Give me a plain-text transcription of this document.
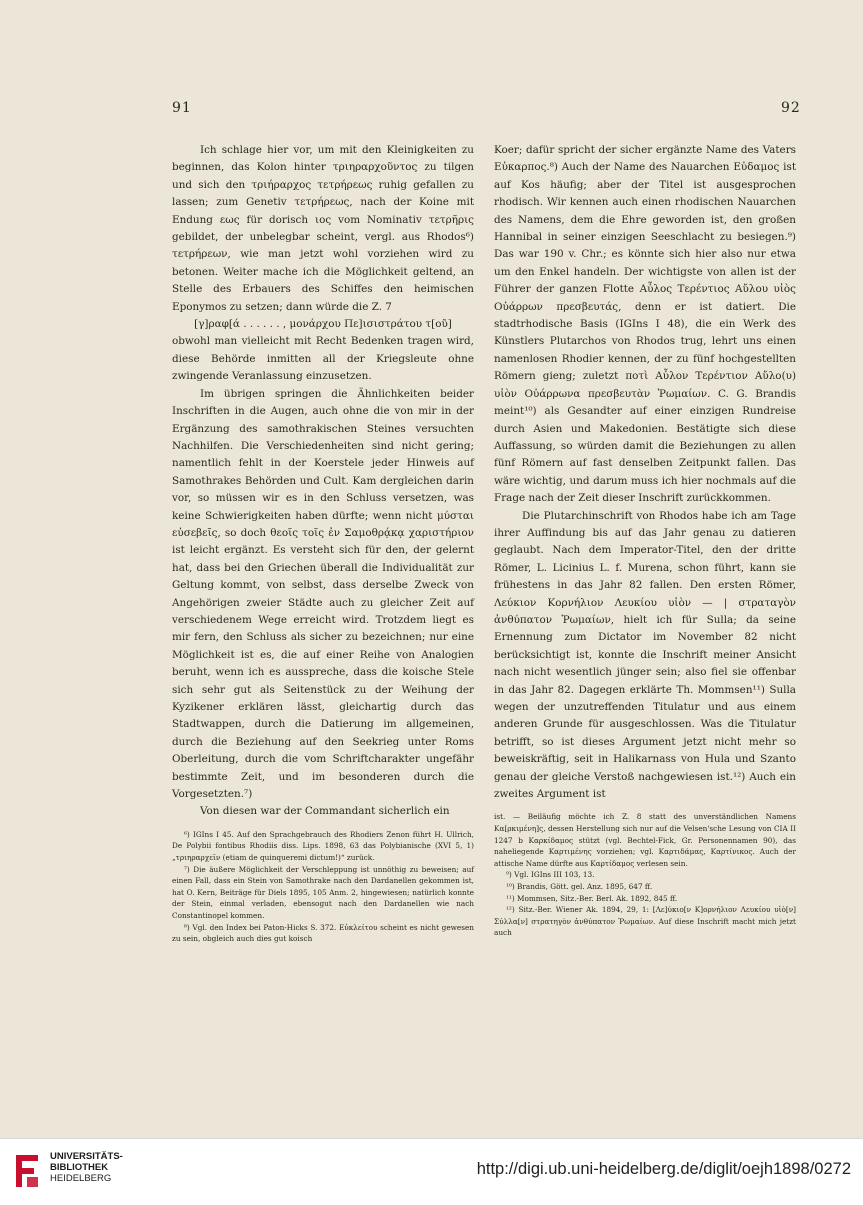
91	92

Ich schlage hier vor, um mit den Kleinigkeiten zu beginnen, das Kolon hinter τριηραρχοῦντος zu tilgen und sich den τριήραρχος τετρήρεως ruhig gefallen zu lassen; zum Genetiv τετρήρεως, nach der Koine mit Endung εως für dorisch ιος vom Nominativ τετρῆρις gebildet, der unbelegbar scheint, vergl. aus Rhodos⁶) τετρήρεων, wie man jetzt wohl vorziehen wird zu betonen. Weiter mache ich die Möglichkeit geltend, an Stelle des Erbauers des Schiffes den heimischen Eponymos zu setzen; dann würde die Z. 7

[γ]ραφ[ά . . . . . . , μονάρχου Πε]ισιστράτου τ[οῦ]

obwohl man vielleicht mit Recht Bedenken tragen wird, diese Behörde inmitten all der Kriegsleute ohne zwingende Veranlassung einzusetzen.

Im übrigen springen die Ähnlichkeiten beider Inschriften in die Augen, auch ohne die von mir in der Ergänzung des samothrakischen Steines versuchten Nachhilfen. Die Verschiedenheiten sind nicht gering; namentlich fehlt in der Koerstele jeder Hinweis auf Samothrakes Behörden und Cult. Kam dergleichen darin vor, so müssen wir es in den Schluss versetzen, was keine Schwierigkeiten haben dürfte; wenn nicht μύσται εὐσεβεῖς, so doch θεοῖς τοῖς ἐν Σαμοθρᾴκᾳ χαριστήριον ist leicht ergänzt. Es versteht sich für den, der gelernt hat, dass bei den Griechen überall die Individualität zur Geltung kommt, von selbst, dass derselbe Zweck von Angehörigen zweier Städte auch zu gleicher Zeit auf verschiedenem Wege erreicht wird. Trotzdem liegt es mir fern, den Schluss als sicher zu bezeichnen; nur eine Möglichkeit ist es, die auf einer Reihe von Analogien beruht, wenn ich es ausspreche, dass die koische Stele sich sehr gut als Seitenstück zu der Weihung der Kyzikener erklären lässt, gleichartig durch das Stadtwappen, durch die Datierung im allgemeinen, durch die Beziehung auf den Seekrieg unter Roms Oberleitung, durch die vom Schriftcharakter ungefähr bestimmte Zeit, und im besonderen durch die Vorgesetzten.⁷)

Von diesen war der Commandant sicherlich ein

⁶) IGIns I 45. Auf den Sprachgebrauch des Rhodiers Zenon führt H. Ullrich, De Polybii fontibus Rhodiis diss. Lips. 1898, 63 das Polybianische (XVI 5, 1) „τριηραρχεῖν (etiam de quinqueremi dictum!)“ zurück.

⁷) Die äußere Möglichkeit der Verschleppung ist unnöthig zu beweisen; auf einen Fall, dass ein Stein von Samothrake nach den Dardanellen gekommen ist, hat O. Kern, Beiträge für Diels 1895, 105 Anm. 2, hingewiesen; natürlich konnte der Stein, einmal verladen, ebensogut nach den Dardanellen wie nach Constantinopel kommen.

⁸) Vgl. den Index bei Paton-Hicks S. 372. Εὐκλείτου scheint es nicht gewesen zu sein, obgleich auch dies gut koisch

Koer; dafür spricht der sicher ergänzte Name des Vaters Εὐκαρπος.⁸) Auch der Name des Nauarchen Εὐδαμος ist auf Kos häufig; aber der Titel ist ausgesprochen rhodisch. Wir kennen auch einen rhodischen Nauarchen des Namens, dem die Ehre geworden ist, den großen Hannibal in seiner einzigen Seeschlacht zu besiegen.⁹) Das war 190 v. Chr.; es könnte sich hier also nur etwa um den Enkel handeln. Der wichtigste von allen ist der Führer der ganzen Flotte Αὖλος Τερέντιος Αὔλου υἱὸς Οὐάρρων πρεσβευτάς, denn er ist datiert. Die stadtrhodische Basis (IGIns I 48), die ein Werk des Künstlers Plutarchos von Rhodos trug, lehrt uns einen namenlosen Rhodier kennen, der zu fünf hochgestellten Römern gieng; zuletzt ποτὶ Αὖλον Τερέντιον Αὔλο(υ) υἱὸν Οὐάρρωνα πρεσβευτὰν Ῥωμαίων. C. G. Brandis meint¹⁰) als Gesandter auf einer einzigen Rundreise durch Asien und Makedonien. Bestätigte sich diese Auffassung, so würden damit die Beziehungen zu allen fünf Römern auf fast denselben Zeitpunkt fallen. Das wäre wichtig, und darum muss ich hier nochmals auf die Frage nach der Zeit dieser Inschrift zurückkommen.

Die Plutarchinschrift von Rhodos habe ich am Tage ihrer Auffindung bis auf das Jahr genau zu datieren geglaubt. Nach dem Imperator-Titel, den der dritte Römer, L. Licinius L. f. Murena, schon führt, kann sie frühestens in das Jahr 82 fallen. Den ersten Römer, Λεύκιον Κορνήλιον Λευκίου υἱὸν — | στραταγὸν ἀνθύπατον Ῥωμαίων, hielt ich für Sulla; da seine Ernennung zum Dictator im November 82 nicht berücksichtigt ist, konnte die Inschrift meiner Ansicht nach nicht wesentlich jünger sein; also fiel sie offenbar in das Jahr 82. Dagegen erklärte Th. Mommsen¹¹) Sulla wegen der unzutreffenden Titulatur und aus einem anderen Grunde für ausgeschlossen. Was die Titulatur betrifft, so ist dieses Argument jetzt nicht mehr so beweiskräftig, seit in Halikarnass von Hula und Szanto genau der gleiche Verstoß nachgewiesen ist.¹²) Auch ein zweites Argument ist

ist. — Beiläufig möchte ich Z. 8 statt des unverständlichen Namens Κα[ρκιμένη]ς, dessen Herstellung sich nur auf die Velsen'sche Lesung von CIA II 1247 b Καρκίδαμος stützt (vgl. Bechtel-Fick, Gr. Personennamen 90), das naheliegende Καρτιμένης vorziehen; vgl. Καρτιδάμας, Καρτίνικος. Auch der attische Name dürfte aus Καρτίδαμος verlesen sein.

⁹) Vgl. IGIns III 103, 13.

¹⁰) Brandis, Gött. gel. Anz. 1895, 647 ff.

¹¹) Mommsen, Sitz.-Ber. Berl. Ak. 1892, 845 ff.

¹²) Sitz.-Ber. Wiener Ak. 1894, 29, 1: [Λε]ύκιο[ν Κ]ορνήλιον Λευκίου υἱὸ[ν] Σύλλα[ν] στρατηγὸν ἀνθύπατον Ῥωμαίων. Auf diese Inschrift macht mich jetzt auch

UNIVERSITÄTS-
BIBLIOTHEK
HEIDELBERG
http://digi.ub.uni-heidelberg.de/diglit/oejh1898/0272
